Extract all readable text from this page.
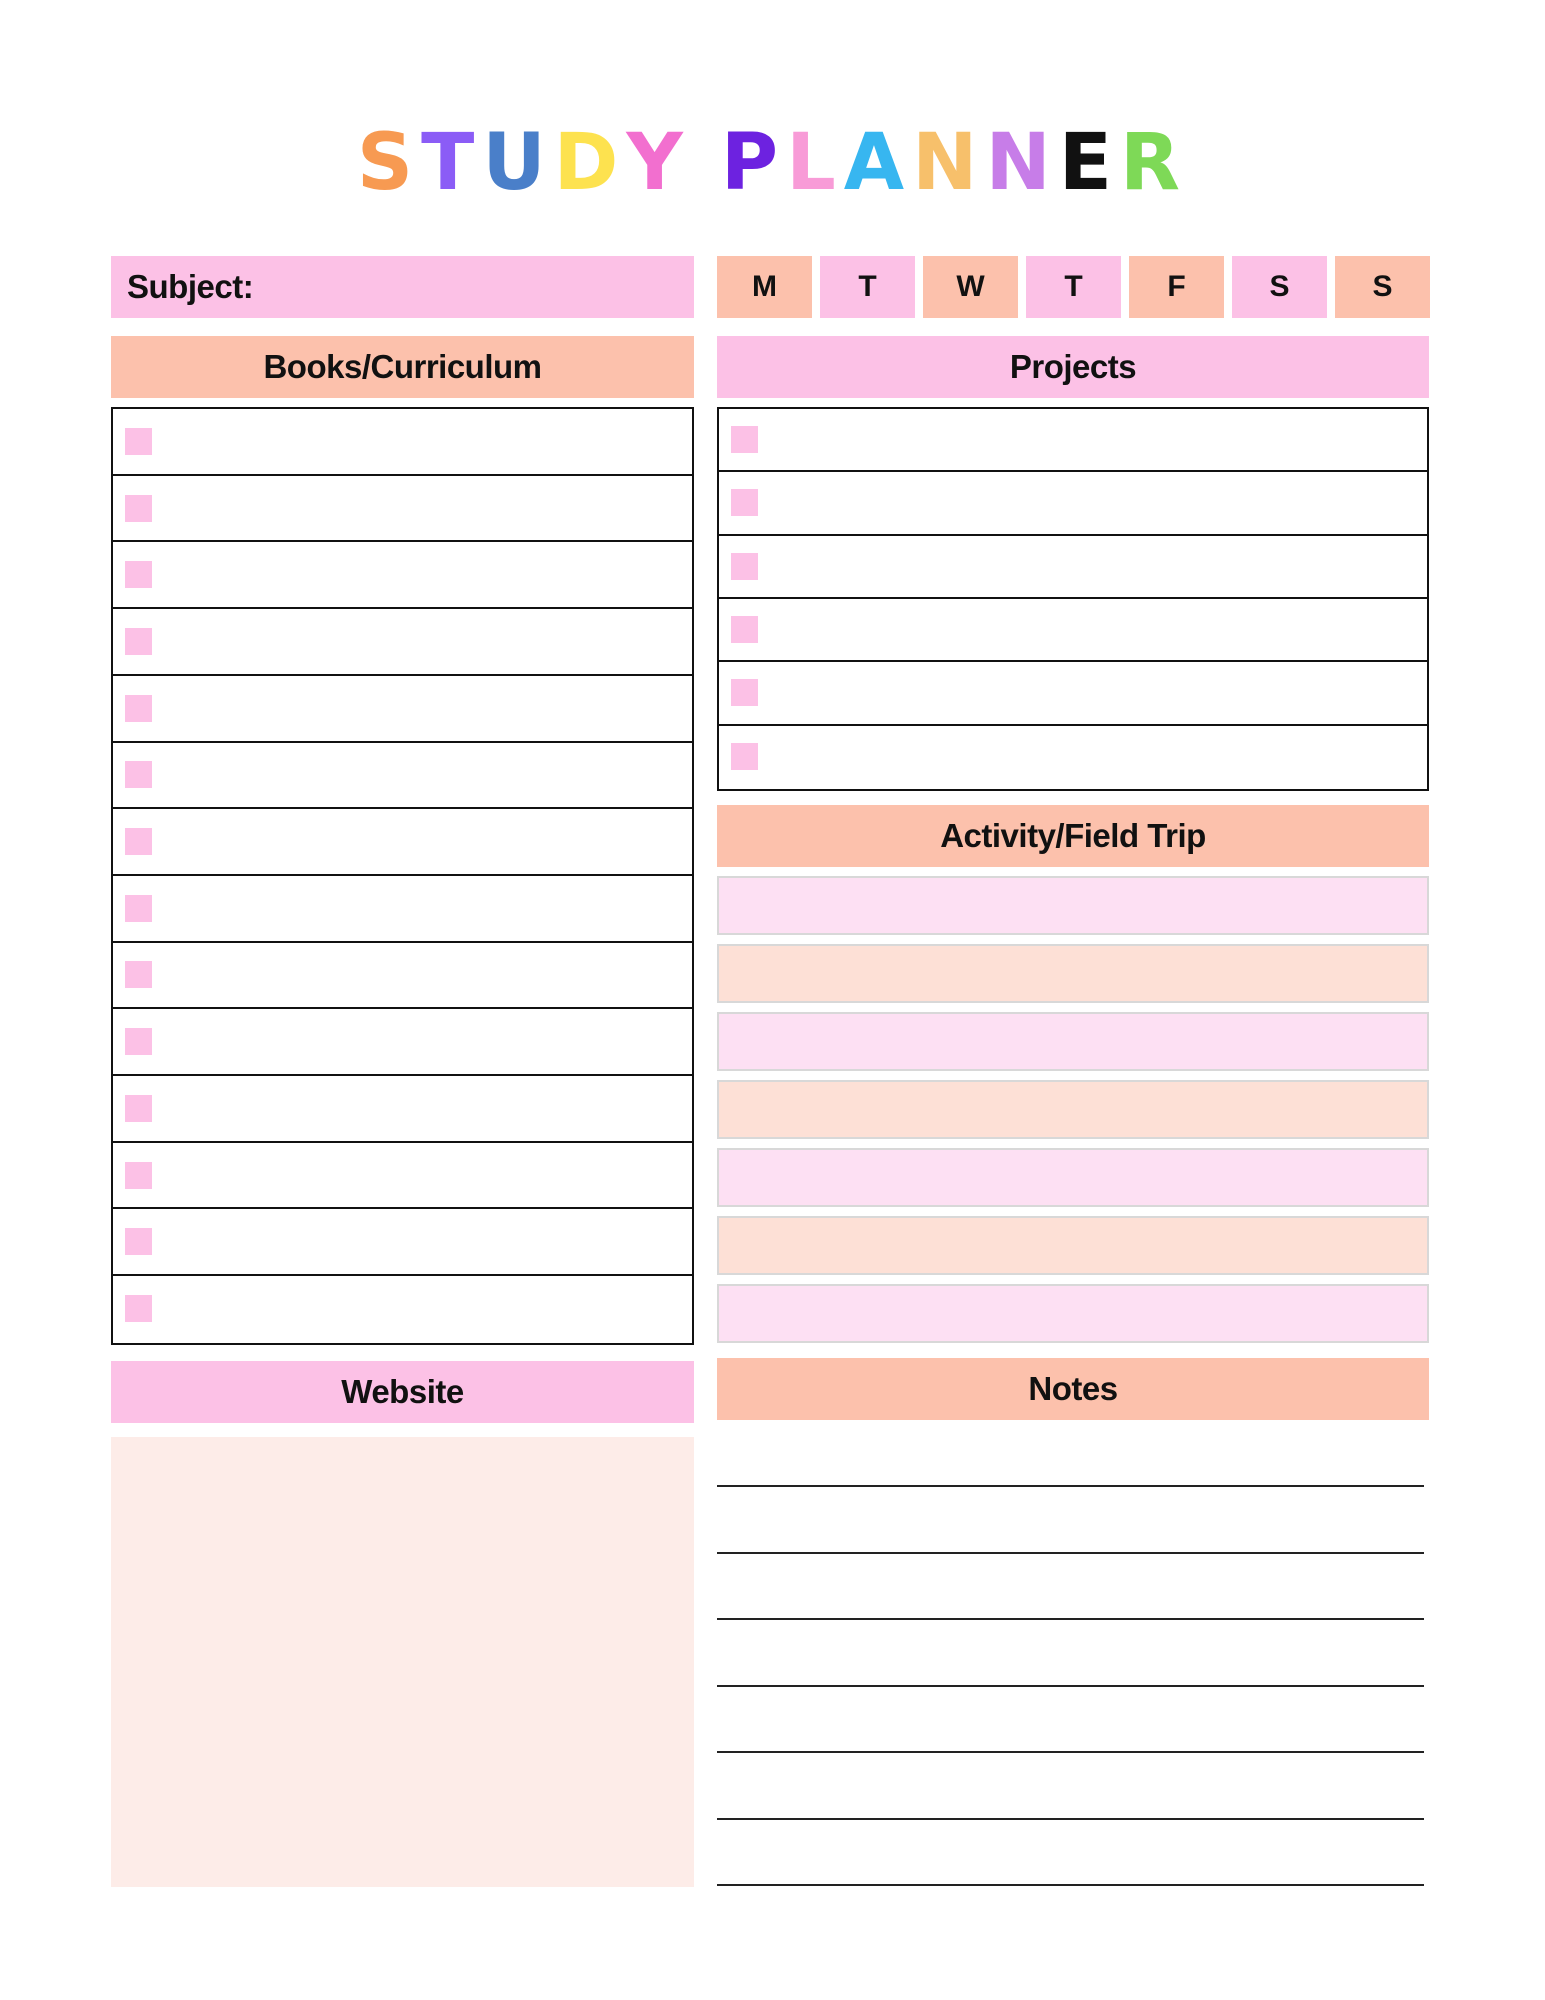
STUDY PLANNER
Subject:	M	T	W	T	F	S	S
Books/Curriculum	Projects
Activity/Field Trip
Website	Notes
